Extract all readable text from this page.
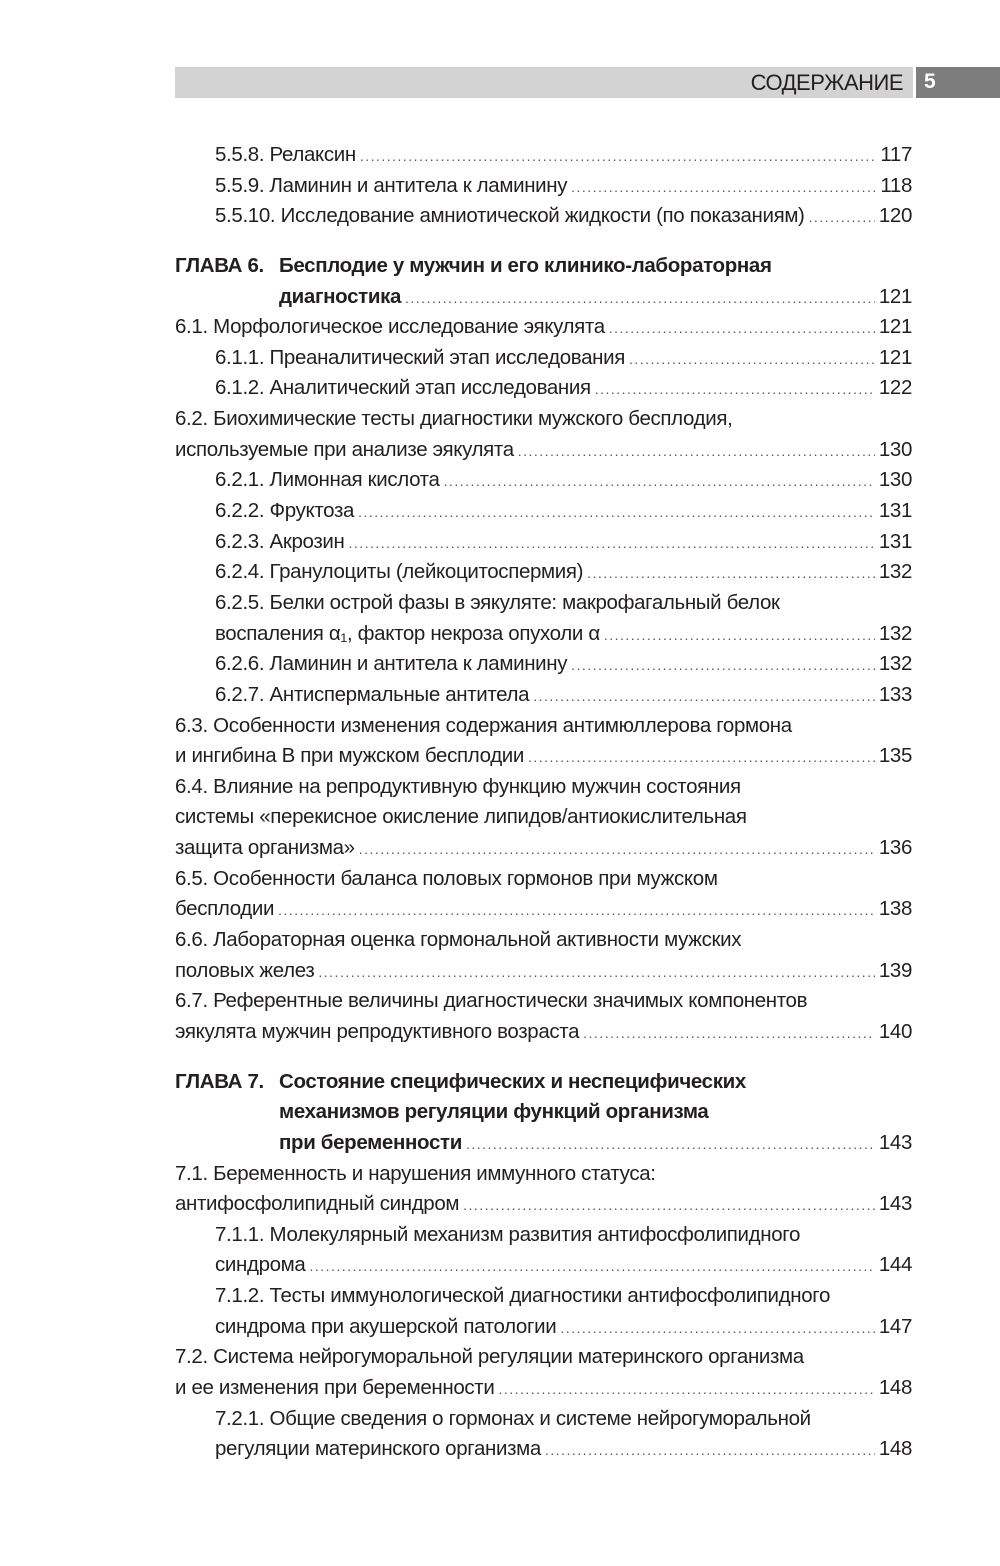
СОДЕРЖАНИЕ 5
5.5.8. Релаксин . . .	117
5.5.9. Ламинин и антитела к ламинину . . .	118
5.5.10. Исследование амниотической жидкости (по показаниям) . . .	120
ГЛАВА 6. Бесплодие у мужчин и его клинико-лабораторная
диагностика . . .	121
6.1. Морфологическое исследование эякулята . . .	121
6.1.1. Преаналитический этап исследования . . .	121
6.1.2. Аналитический этап исследования . . .	122
6.2. Биохимические тесты диагностики мужского бесплодия,
используемые при анализе эякулята . . .	130
6.2.1. Лимонная кислота . . .	130
6.2.2. Фруктоза . . .	131
6.2.3. Акрозин . . .	131
6.2.4. Гранулоциты (лейкоцитоспермия) . . .	132
6.2.5. Белки острой фазы в эякуляте: макрофагальный белок
воспаления α₁, фактор некроза опухоли α . . .	132
6.2.6. Ламинин и антитела к ламинину . . .	132
6.2.7. Антиспермальные антитела . . .	133
6.3. Особенности изменения содержания антимюллерова гормона
и ингибина В при мужском бесплодии . . .	135
6.4. Влияние на репродуктивную функцию мужчин состояния
системы «перекисное окисление липидов/антиокислительная
защита организма» . . .	136
6.5. Особенности баланса половых гормонов при мужском
бесплодии . . .	138
6.6. Лабораторная оценка гормональной активности мужских
половых желез . . .	139
6.7. Референтные величины диагностически значимых компонентов
эякулята мужчин репродуктивного возраста . . .	140
ГЛАВА 7. Состояние специфических и неспецифических
механизмов регуляции функций организма
при беременности . . .	143
7.1. Беременность и нарушения иммунного статуса:
антифосфолипидный синдром . . .	143
7.1.1. Молекулярный механизм развития антифосфолипидного
синдрома . . .	144
7.1.2. Тесты иммунологической диагностики антифосфолипидного
синдрома при акушерской патологии . . .	147
7.2. Система нейрогуморальной регуляции материнского организма
и ее изменения при беременности . . .	148
7.2.1. Общие сведения о гормонах и системе нейрогуморальной
регуляции материнского организма . . .	148
